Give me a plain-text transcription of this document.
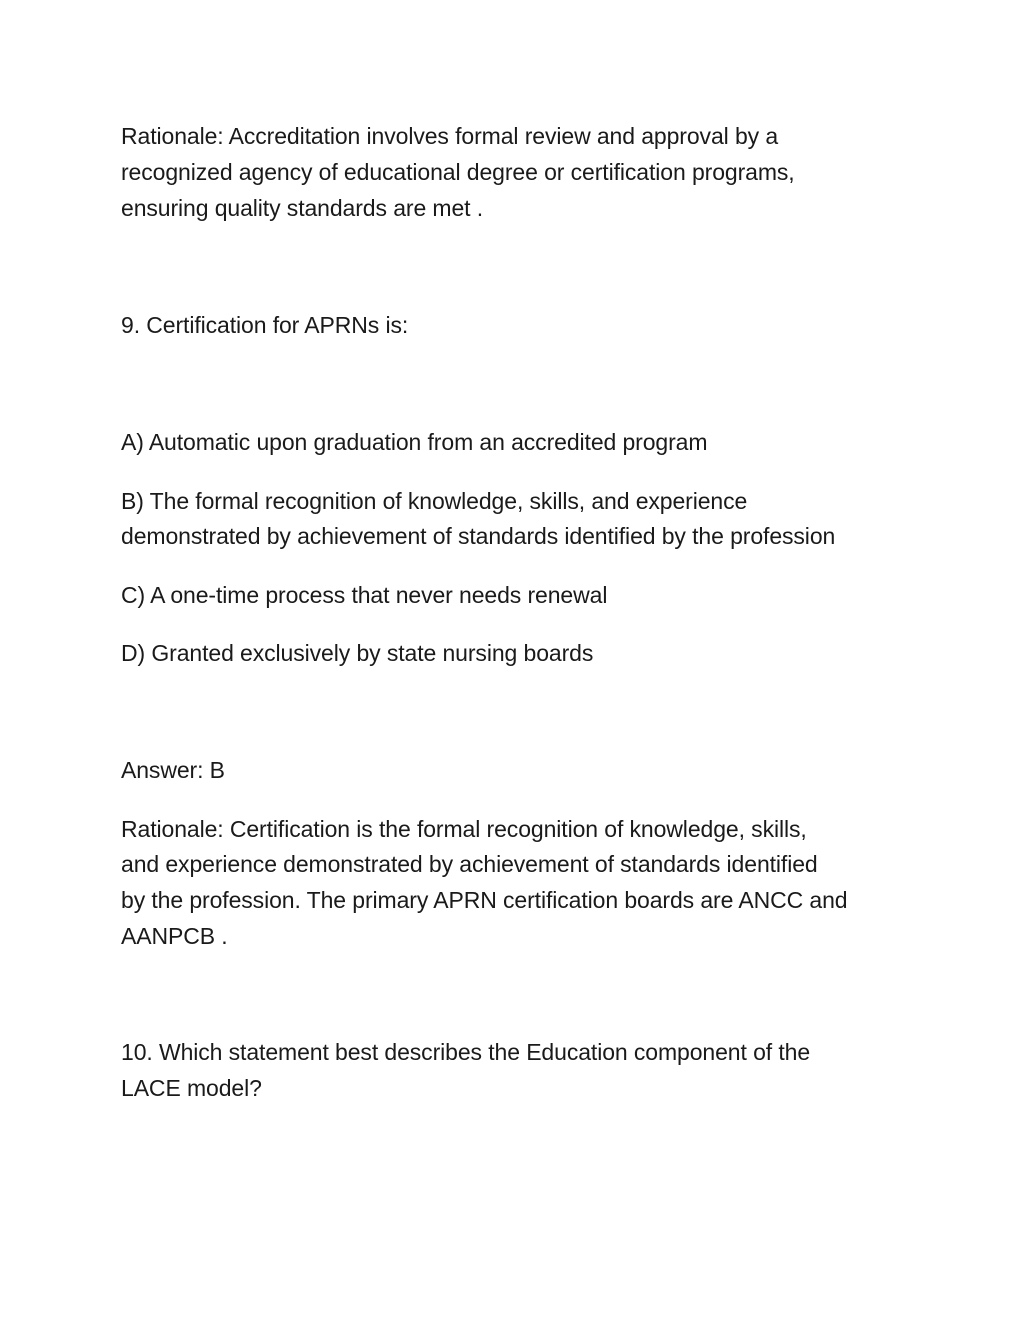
Rationale: Accreditation involves formal review and approval by a

recognized agency of educational degree or certification programs,

ensuring quality standards are met .

9. Certification for APRNs is:

A) Automatic upon graduation from an accredited program

B) The formal recognition of knowledge, skills, and experience

demonstrated by achievement of standards identified by the profession

C) A one-time process that never needs renewal

D) Granted exclusively by state nursing boards

Answer: B

Rationale: Certification is the formal recognition of knowledge, skills,

and experience demonstrated by achievement of standards identified

by the profession. The primary APRN certification boards are ANCC and

AANPCB .

10. Which statement best describes the Education component of the

LACE model?
